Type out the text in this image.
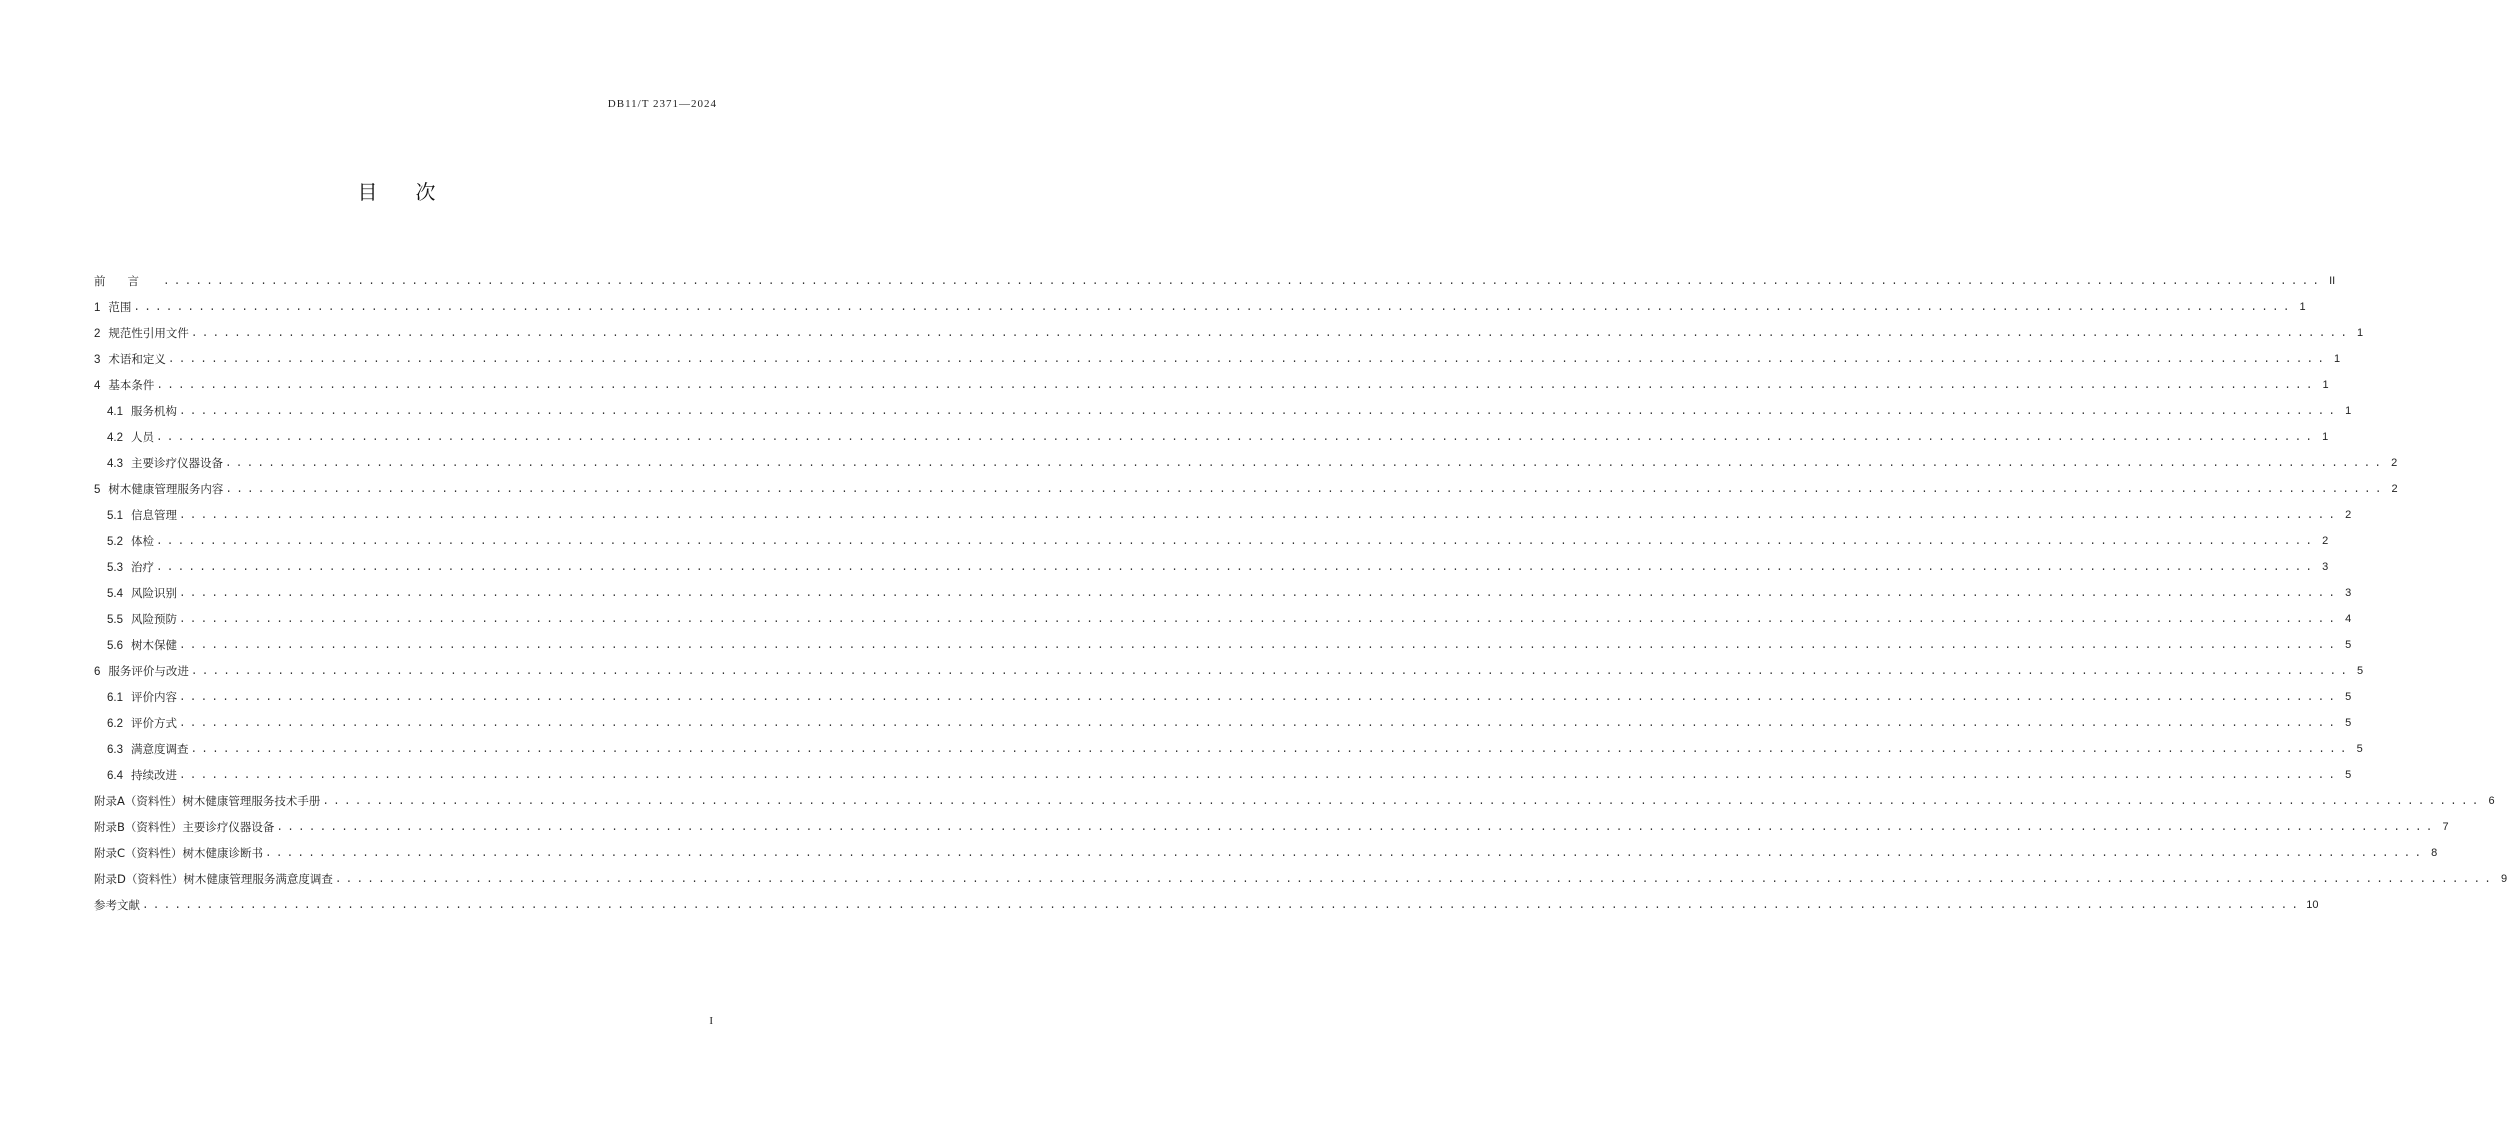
DB11/T 2371—2024
目次
前言 ........................................................................................................................................................................................................ II
1 范围 ........................................................................................................................................................................................................ 1
2 规范性引用文件 ........................................................................................................................................................................................................ 1
3 术语和定义 ........................................................................................................................................................................................................ 1
4 基本条件 ........................................................................................................................................................................................................ 1
4.1 服务机构 ........................................................................................................................................................................................................ 1
4.2 人员 ........................................................................................................................................................................................................ 1
4.3 主要诊疗仪器设备 ........................................................................................................................................................................................................ 2
5 树木健康管理服务内容 ........................................................................................................................................................................................................ 2
5.1 信息管理 ........................................................................................................................................................................................................ 2
5.2 体检 ........................................................................................................................................................................................................ 2
5.3 治疗 ........................................................................................................................................................................................................ 3
5.4 风险识别 ........................................................................................................................................................................................................ 3
5.5 风险预防 ........................................................................................................................................................................................................ 4
5.6 树木保健 ........................................................................................................................................................................................................ 5
6 服务评价与改进 ........................................................................................................................................................................................................ 5
6.1 评价内容 ........................................................................................................................................................................................................ 5
6.2 评价方式 ........................................................................................................................................................................................................ 5
6.3 满意度调查 ........................................................................................................................................................................................................ 5
6.4 持续改进 ........................................................................................................................................................................................................ 5
附录A（资料性）树木健康管理服务技术手册 ........................................................................................................................................................................................................ 6
附录B（资料性）主要诊疗仪器设备 ........................................................................................................................................................................................................ 7
附录C（资料性）树木健康诊断书 ........................................................................................................................................................................................................ 8
附录D（资料性）树木健康管理服务满意度调查 ........................................................................................................................................................................................................ 9
参考文献 ........................................................................................................................................................................................................ 10
I
